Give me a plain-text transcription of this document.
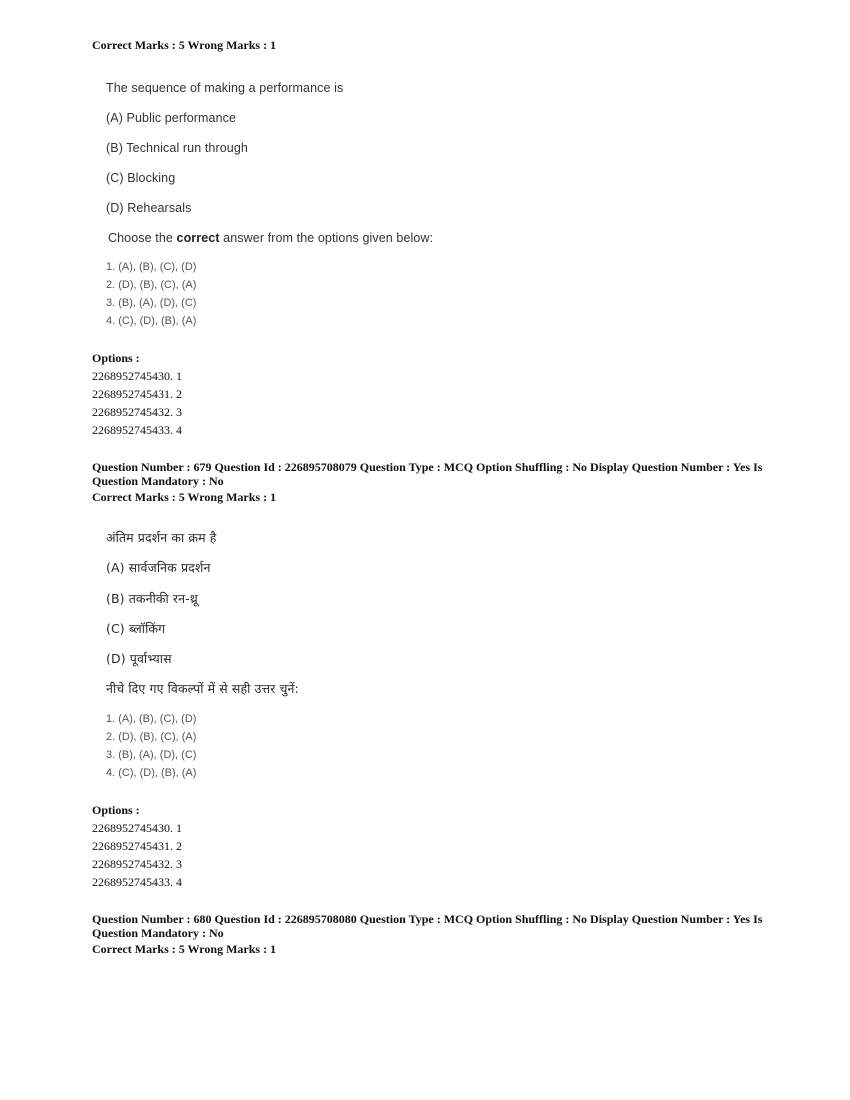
Correct Marks : 5 Wrong Marks : 1
The sequence of making a performance is
(A) Public performance
(B) Technical run through
(C) Blocking
(D) Rehearsals
Choose the correct answer from the options given below:
1. (A), (B), (C), (D)
2. (D), (B), (C), (A)
3. (B), (A), (D), (C)
4. (C), (D), (B), (A)
Options :
2268952745430. 1
2268952745431. 2
2268952745432. 3
2268952745433. 4
Question Number : 679 Question Id : 226895708079 Question Type : MCQ Option Shuffling : No Display Question Number : Yes Is Question Mandatory : No
Correct Marks : 5 Wrong Marks : 1
अंतिम प्रदर्शन का क्रम है
(A) सार्वजनिक प्रदर्शन
(B) तकनीकी रन-थ्रू
(C) ब्लॉकिंग
(D) पूर्वाभ्यास
नीचे दिए गए विकल्पों में से सही उत्तर चुनें:
1. (A), (B), (C), (D)
2. (D), (B), (C), (A)
3. (B), (A), (D), (C)
4. (C), (D), (B), (A)
Options :
2268952745430. 1
2268952745431. 2
2268952745432. 3
2268952745433. 4
Question Number : 680 Question Id : 226895708080 Question Type : MCQ Option Shuffling : No Display Question Number : Yes Is Question Mandatory : No
Correct Marks : 5 Wrong Marks : 1
